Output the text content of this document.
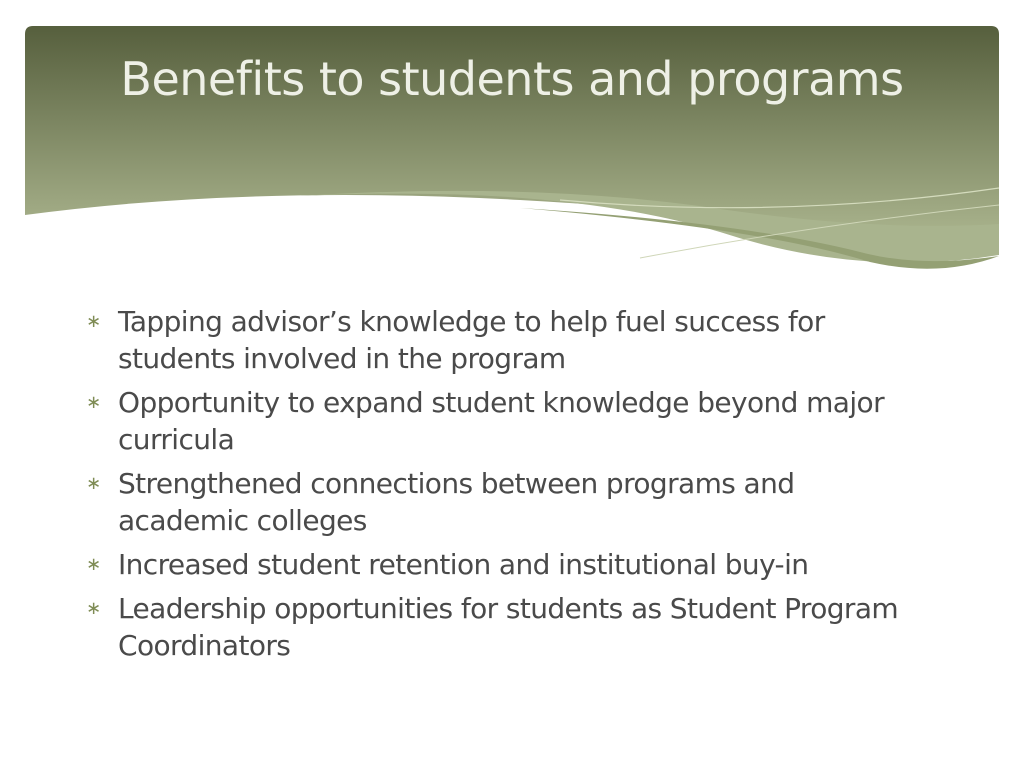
Benefits to students and programs
∗ Tapping advisor’s knowledge to help fuel success for students involved in the program
∗ Opportunity to expand student knowledge beyond major curricula
∗ Strengthened connections between programs and academic colleges
∗ Increased student retention and institutional buy-in
∗ Leadership opportunities for students as Student Program Coordinators
